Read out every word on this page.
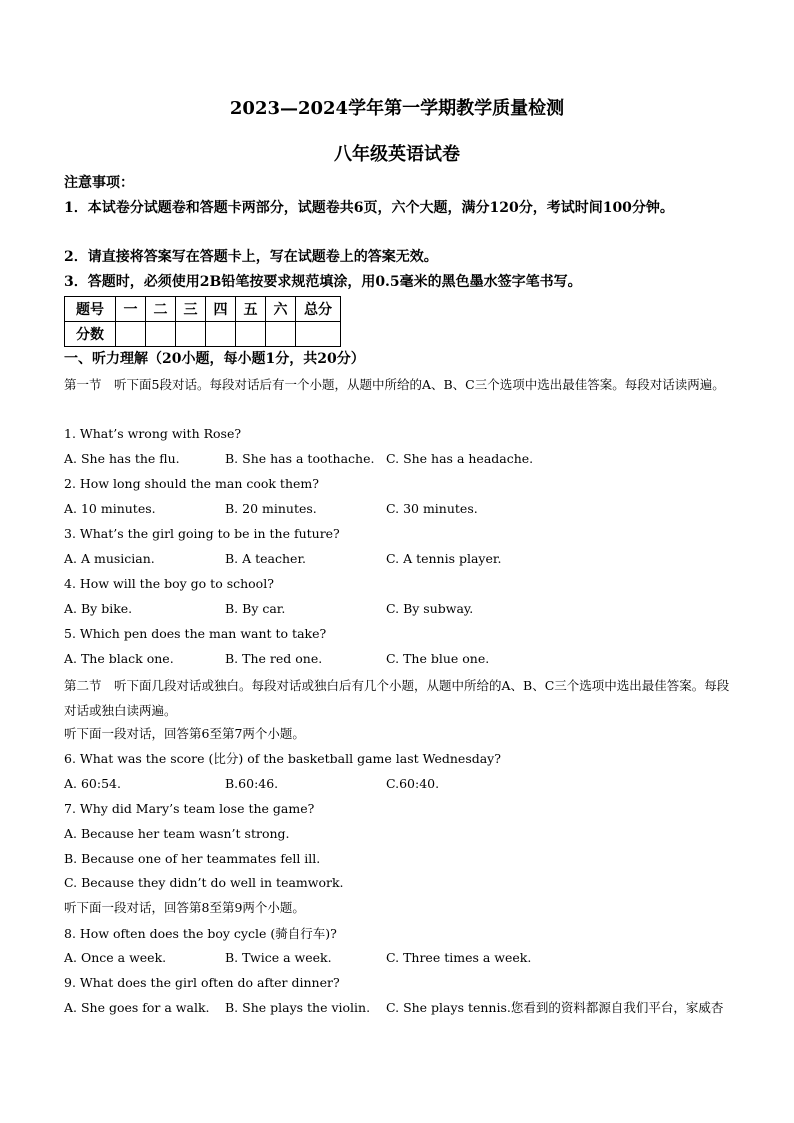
2023—2024学年第一学期教学质量检测
八年级英语试卷
注意事项：
1．本试卷分试题卷和答题卡两部分，试题卷共6页，六个大题，满分120分，考试时间100分钟。
2．请直接将答案写在答题卡上，写在试题卷上的答案无效。
3．答题时，必须使用2B铅笔按要求规范填涂，用0.5毫米的黑色墨水签字笔书写。
题号	一	二	三	四	五	六	总分
分数							
一、听力理解（20小题，每小题1分，共20分）
第一节　听下面5段对话。每段对话后有一个小题，从题中所给的A、B、C三个选项中选出最佳答案。每段对话读两遍。
1. What’s wrong with Rose?
A. She has the flu.	B. She has a toothache. C. She has a headache.
2. How long should the man cook them?
A. 10 minutes.	B. 20 minutes.	C. 30 minutes.
3. What’s the girl going to be in the future?
A. A musician.	B. A teacher.	C. A tennis player.
4. How will the boy go to school?
A. By bike.	B. By car.	C. By subway.
5. Which pen does the man want to take?
A. The black one.	B. The red one.	C. The blue one.
第二节　听下面几段对话或独白。每段对话或独白后有几个小题，从题中所给的A、B、C三个选项中选出最佳答案。每段对话或独白读两遍。
听下面一段对话，回答第6至第7两个小题。
6. What was the score (比分) of the basketball game last Wednesday?
A. 60:54.	B.60:46.	C.60:40.
7. Why did Mary’s team lose the game?
A. Because her team wasn’t strong.
B. Because one of her teammates fell ill.
C. Because they didn’t do well in teamwork.
听下面一段对话，回答第8至第9两个小题。
8. How often does the boy cycle (骑自行车)?
A. Once a week.	B. Twice a week.	C. Three times a week.
9. What does the girl often do after dinner?
A. She goes for a walk. B. She plays the violin. C. She plays tennis.您看到的资料都源自我们平台，家威杏
